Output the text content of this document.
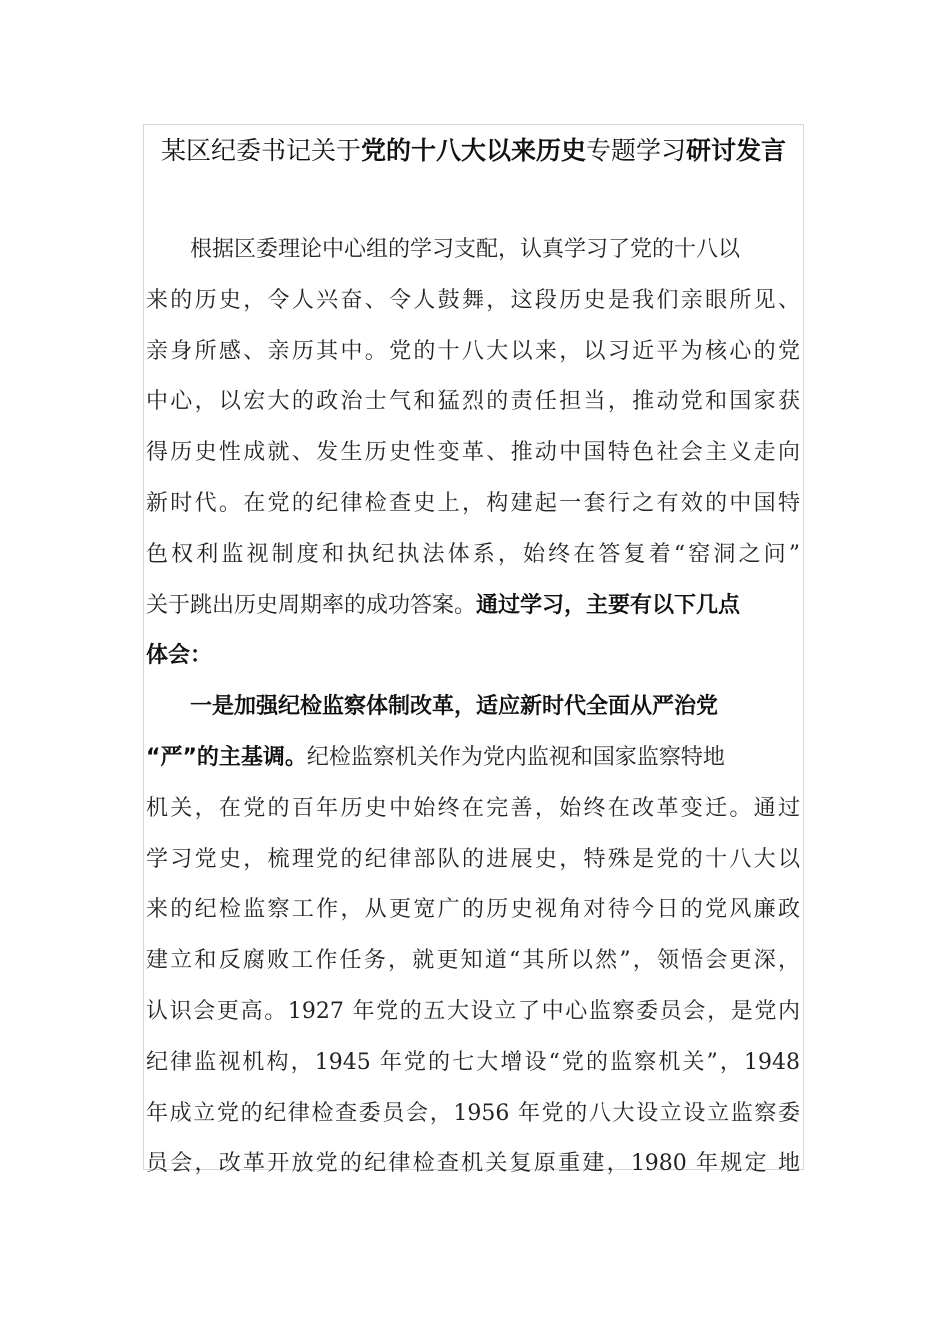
某区纪委书记关于党的十八大以来历史专题学习研讨发言
根据区委理论中心组的学习支配，认真学习了党的十八以
来的历史，令人兴奋、令人鼓舞，这段历史是我们亲眼所见、
亲身所感、亲历其中。党的十八大以来，以习近平为核心的党
中心，以宏大的政治士气和猛烈的责任担当，推动党和国家获
得历史性成就、发生历史性变革、推动中国特色社会主义走向
新时代。在党的纪律检查史上，构建起一套行之有效的中国特
色权利监视制度和执纪执法体系，始终在答复着“窑洞之问”
关于跳出历史周期率的成功答案。通过学习，主要有以下几点
体会：
一是加强纪检监察体制改革，适应新时代全面从严治党
“严”的主基调。纪检监察机关作为党内监视和国家监察特地
机关，在党的百年历史中始终在完善，始终在改革变迁。通过
学习党史，梳理党的纪律部队的进展史，特殊是党的十八大以
来的纪检监察工作，从更宽广的历史视角对待今日的党风廉政
建立和反腐败工作任务，就更知道“其所以然”，领悟会更深，
认识会更高。1927 年党的五大设立了中心监察委员会，是党内
纪律监视机构，1945 年党的七大增设“党的监察机关”，1948
年成立党的纪律检查委员会，1956 年党的八大设立设立监察委
员会，改革开放党的纪律检查机关复原重建，1980 年规定 地
